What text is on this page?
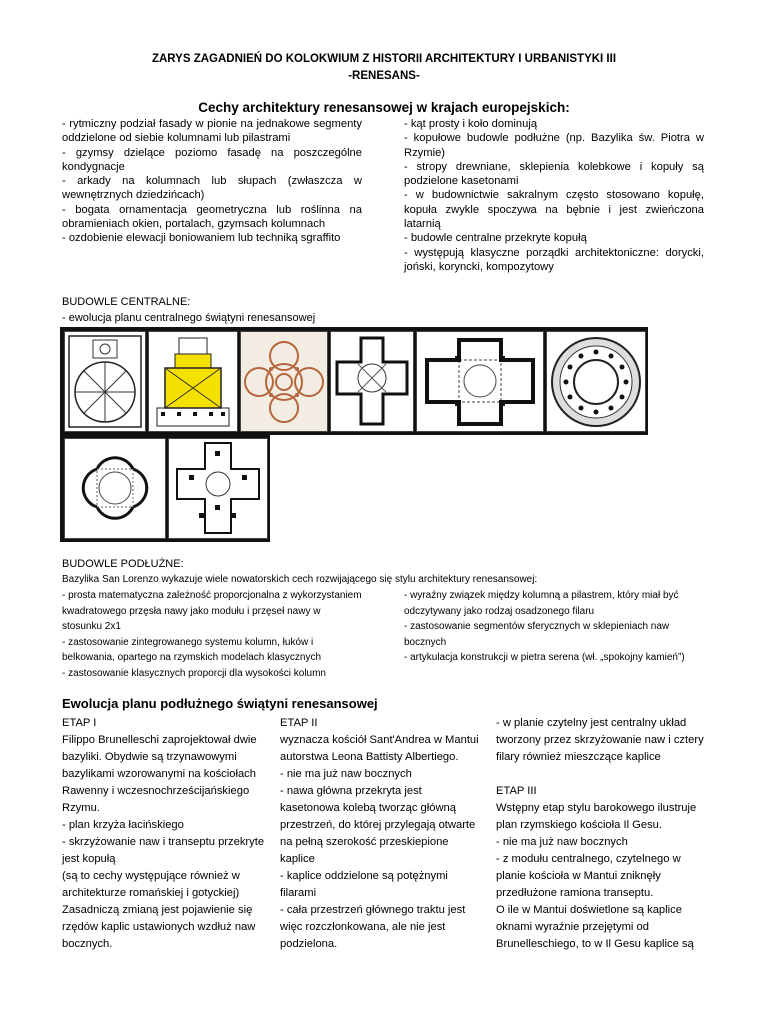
ZARYS ZAGADNIEŃ DO KOLOKWIUM Z HISTORII ARCHITEKTURY I URBANISTYKI III
-RENESANS-
Cechy architektury renesansowej w krajach europejskich:

- rytmiczny podział fasady w pionie na jednakowe segmenty oddzielone od siebie kolumnami lub pilastrami

- gzymsy dzielące poziomo fasadę na poszczególne kondygnacje

- arkady na kolumnach lub słupach (zwłaszcza w wewnętrznych dziedzińcach)

- bogata ornamentacja geometryczna lub roślinna na obramieniach okien, portalach, gzymsach kolumnach

- ozdobienie elewacji boniowaniem lub techniką sgraffito

- kąt prosty i koło dominują

- kopułowe budowle podłużne (np. Bazylika św. Piotra w Rzymie)

- stropy drewniane, sklepienia kolebkowe i kopuły są podzielone kasetonami

- w budownictwie sakralnym często stosowano kopułę, kopuła zwykle spoczywa na bębnie i jest zwieńczona latarnią

- budowle centralne przekryte kopułą

- występują klasyczne porządki architektoniczne: dorycki, joński, koryncki, kompozytowy

BUDOWLE CENTRALNE:
- ewolucja planu centralnego świątyni renesansowej
BUDOWLE PODŁUŻNE:
Bazylika San Lorenzo wykazuje wiele nowatorskich cech rozwijającego się stylu architektury renesansowej:

- prosta matematyczna zależność proporcjonalna z wykorzystaniem kwadratowego przęsła nawy jako modułu i przęseł nawy w stosunku 2x1

- zastosowanie zintegrowanego systemu kolumn, łuków i belkowania, opartego na rzymskich modelach klasycznych

- zastosowanie klasycznych proporcji dla wysokości kolumn

- wyraźny związek między kolumną a pilastrem, który miał być odczytywany jako rodzaj osadzonego filaru

- zastosowanie segmentów sferycznych w sklepieniach naw bocznych

- artykulacja konstrukcji w pietra serena (wł. „spokojny kamień”)

Ewolucja planu podłużnego świątyni renesansowej

ETAP I

Filippo Brunelleschi zaprojektował dwie bazyliki. Obydwie są trzynawowymi bazylikami wzorowanymi na kościołach Rawenny i wczesnochrześcijańskiego Rzymu.

- plan krzyża łacińskiego

- skrzyżowanie naw i transeptu przekryte jest kopułą

(są to cechy występujące również w architekturze romańskiej i gotyckiej)

Zasadniczą zmianą jest pojawienie się rzędów kaplic ustawionych wzdłuż naw bocznych.

ETAP II

wyznacza kościół Sant'Andrea w Mantui autorstwa Leona Battisty Albertiego.

- nie ma już naw bocznych

- nawa główna przekryta jest kasetonowa kolebą tworząc główną przestrzeń, do której przylegają otwarte na pełną szerokość przeskiepione kaplice

- kaplice oddzielone są potężnymi filarami

- cała przestrzeń głównego traktu jest więc rozczłonkowana, ale nie jest podzielona.

- w planie czytelny jest centralny układ tworzony przez skrzyżowanie naw i cztery filary również mieszczące kaplice

ETAP III

Wstępny etap stylu barokowego ilustruje plan rzymskiego kościoła Il Gesu.

- nie ma już naw bocznych

- z modułu centralnego, czytelnego w planie kościoła w Mantui zniknęły przedłużone ramiona transeptu.

O ile w Mantui doświetlone są kaplice oknami wyraźnie przejętymi od Brunelleschiego, to w Il Gesu kaplice są
